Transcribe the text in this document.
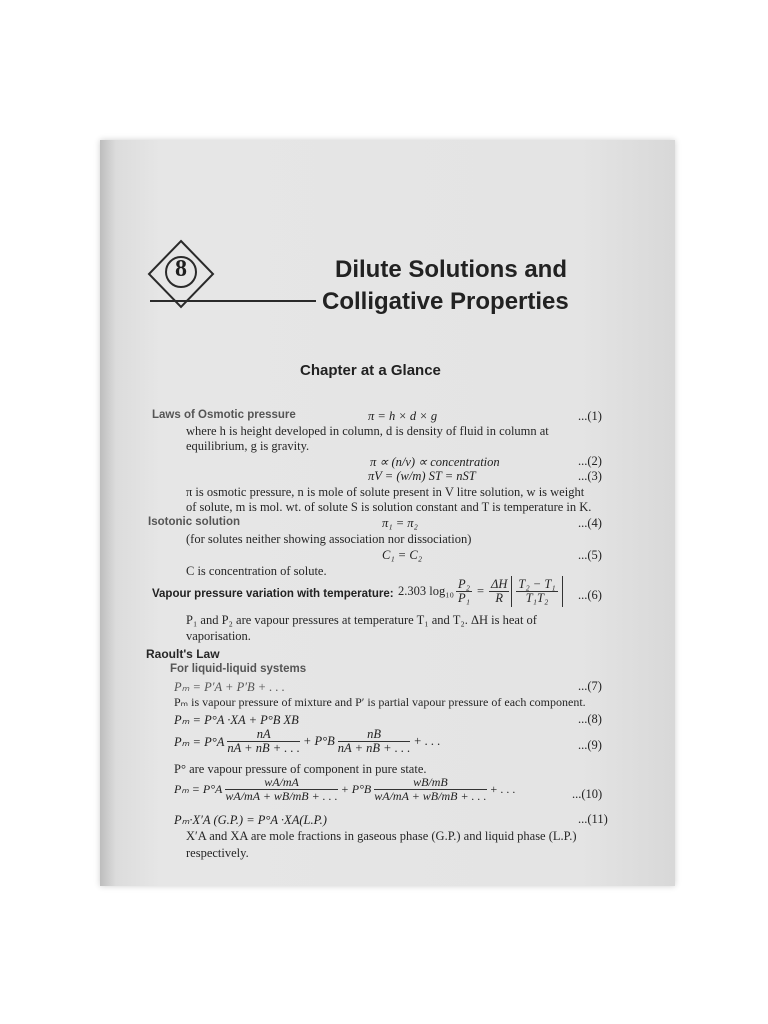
8	Dilute Solutions and
Colligative Properties
Chapter at a Glance
Laws of Osmotic pressure	π = h × d × g	...(1)
where h is height developed in column, d is density of fluid in column at
equilibrium, g is gravity.
π ∝ (n/v) ∝ concentration	...(2)
πV = (w/m) ST = nST	...(3)
π is osmotic pressure, n is mole of solute present in V litre solution, w is weight
of solute, m is mol. wt. of solute S is solution constant and T is temperature in K.
Isotonic solution	π₁ = π₂	...(4)
(for solutes neither showing association nor dissociation)
C₁ = C₂	...(5)
C is concentration of solute.
Vapour pressure variation with temperature: 2.303 $\log_{10} \frac{\text{P₂}}{\text{P₁}} = \frac{\Delta H}{R} \frac{\text{T₂ − T₁}}{\text{T₁T₂}} ...(6)$
P₁ and P₂ are vapour pressures at temperature T₁ and T₂. ΔH is heat of
vaporisation.
Raoult's Law
For liquid-liquid systems
Pₘ = P′A + P′B + . . .	...(7)
Pₘ is vapour pressure of mixture and P′ is partial vapour pressure of each component.
Pₘ = P°A ·XA + P°B XB	...(8)
$P_m = P^\circ A \frac{nA}{nA + nB + . . .} + P^\circ B \frac{nB}{nA + nB + . . .}$ + . . .	...(9)
P° are vapour pressure of component in pure state.
$P_m = P^\circ A \frac{wA/mA}{wA/mA + wB/mB + . . .} + P^\circ B \frac{wB/mB}{wA/mA + wB/mB + . . .}$ + . . .	...(10)
Pₘ·X′A (G.P.) = P°A ·XA(L.P.)	...(11)
X′A and XA are mole fractions in gaseous phase (G.P.) and liquid phase (L.P.)
respectively.
